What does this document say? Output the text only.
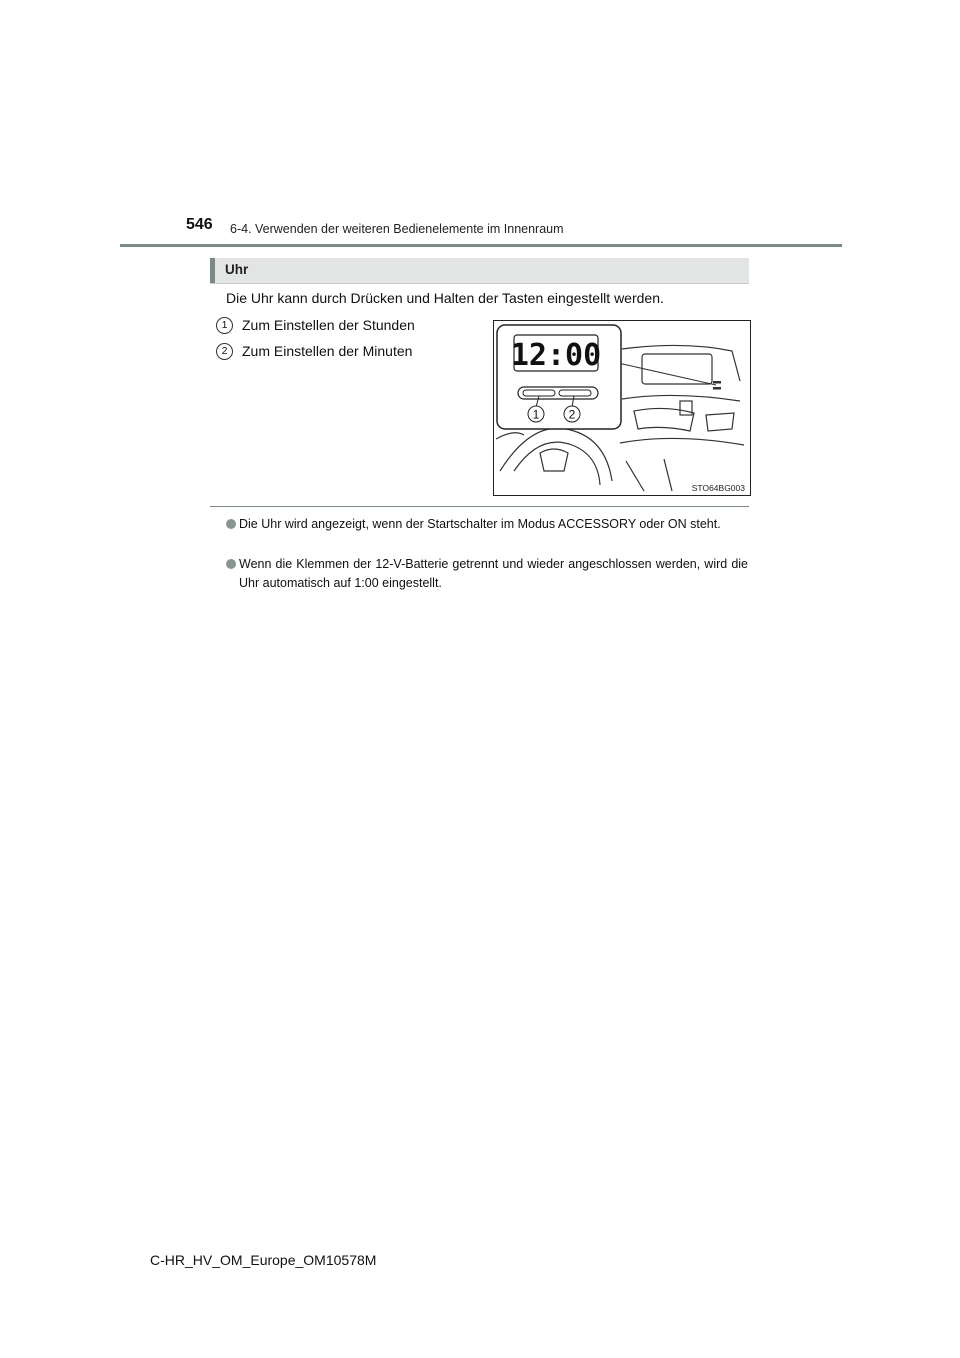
546 6-4. Verwenden der weiteren Bedienelemente im Innenraum
Uhr
Die Uhr kann durch Drücken und Halten der Tasten eingestellt werden.
1	Zum Einstellen der Stunden
2	Zum Einstellen der Minuten	12:00
1 2
STO64BG003
Die Uhr wird angezeigt, wenn der Startschalter im Modus ACCESSORY oder ON steht.
Wenn die Klemmen der 12-V-Batterie getrennt und wieder angeschlossen werden, wird die Uhr automatisch auf 1:00 eingestellt.
C-HR_HV_OM_Europe_OM10578M
